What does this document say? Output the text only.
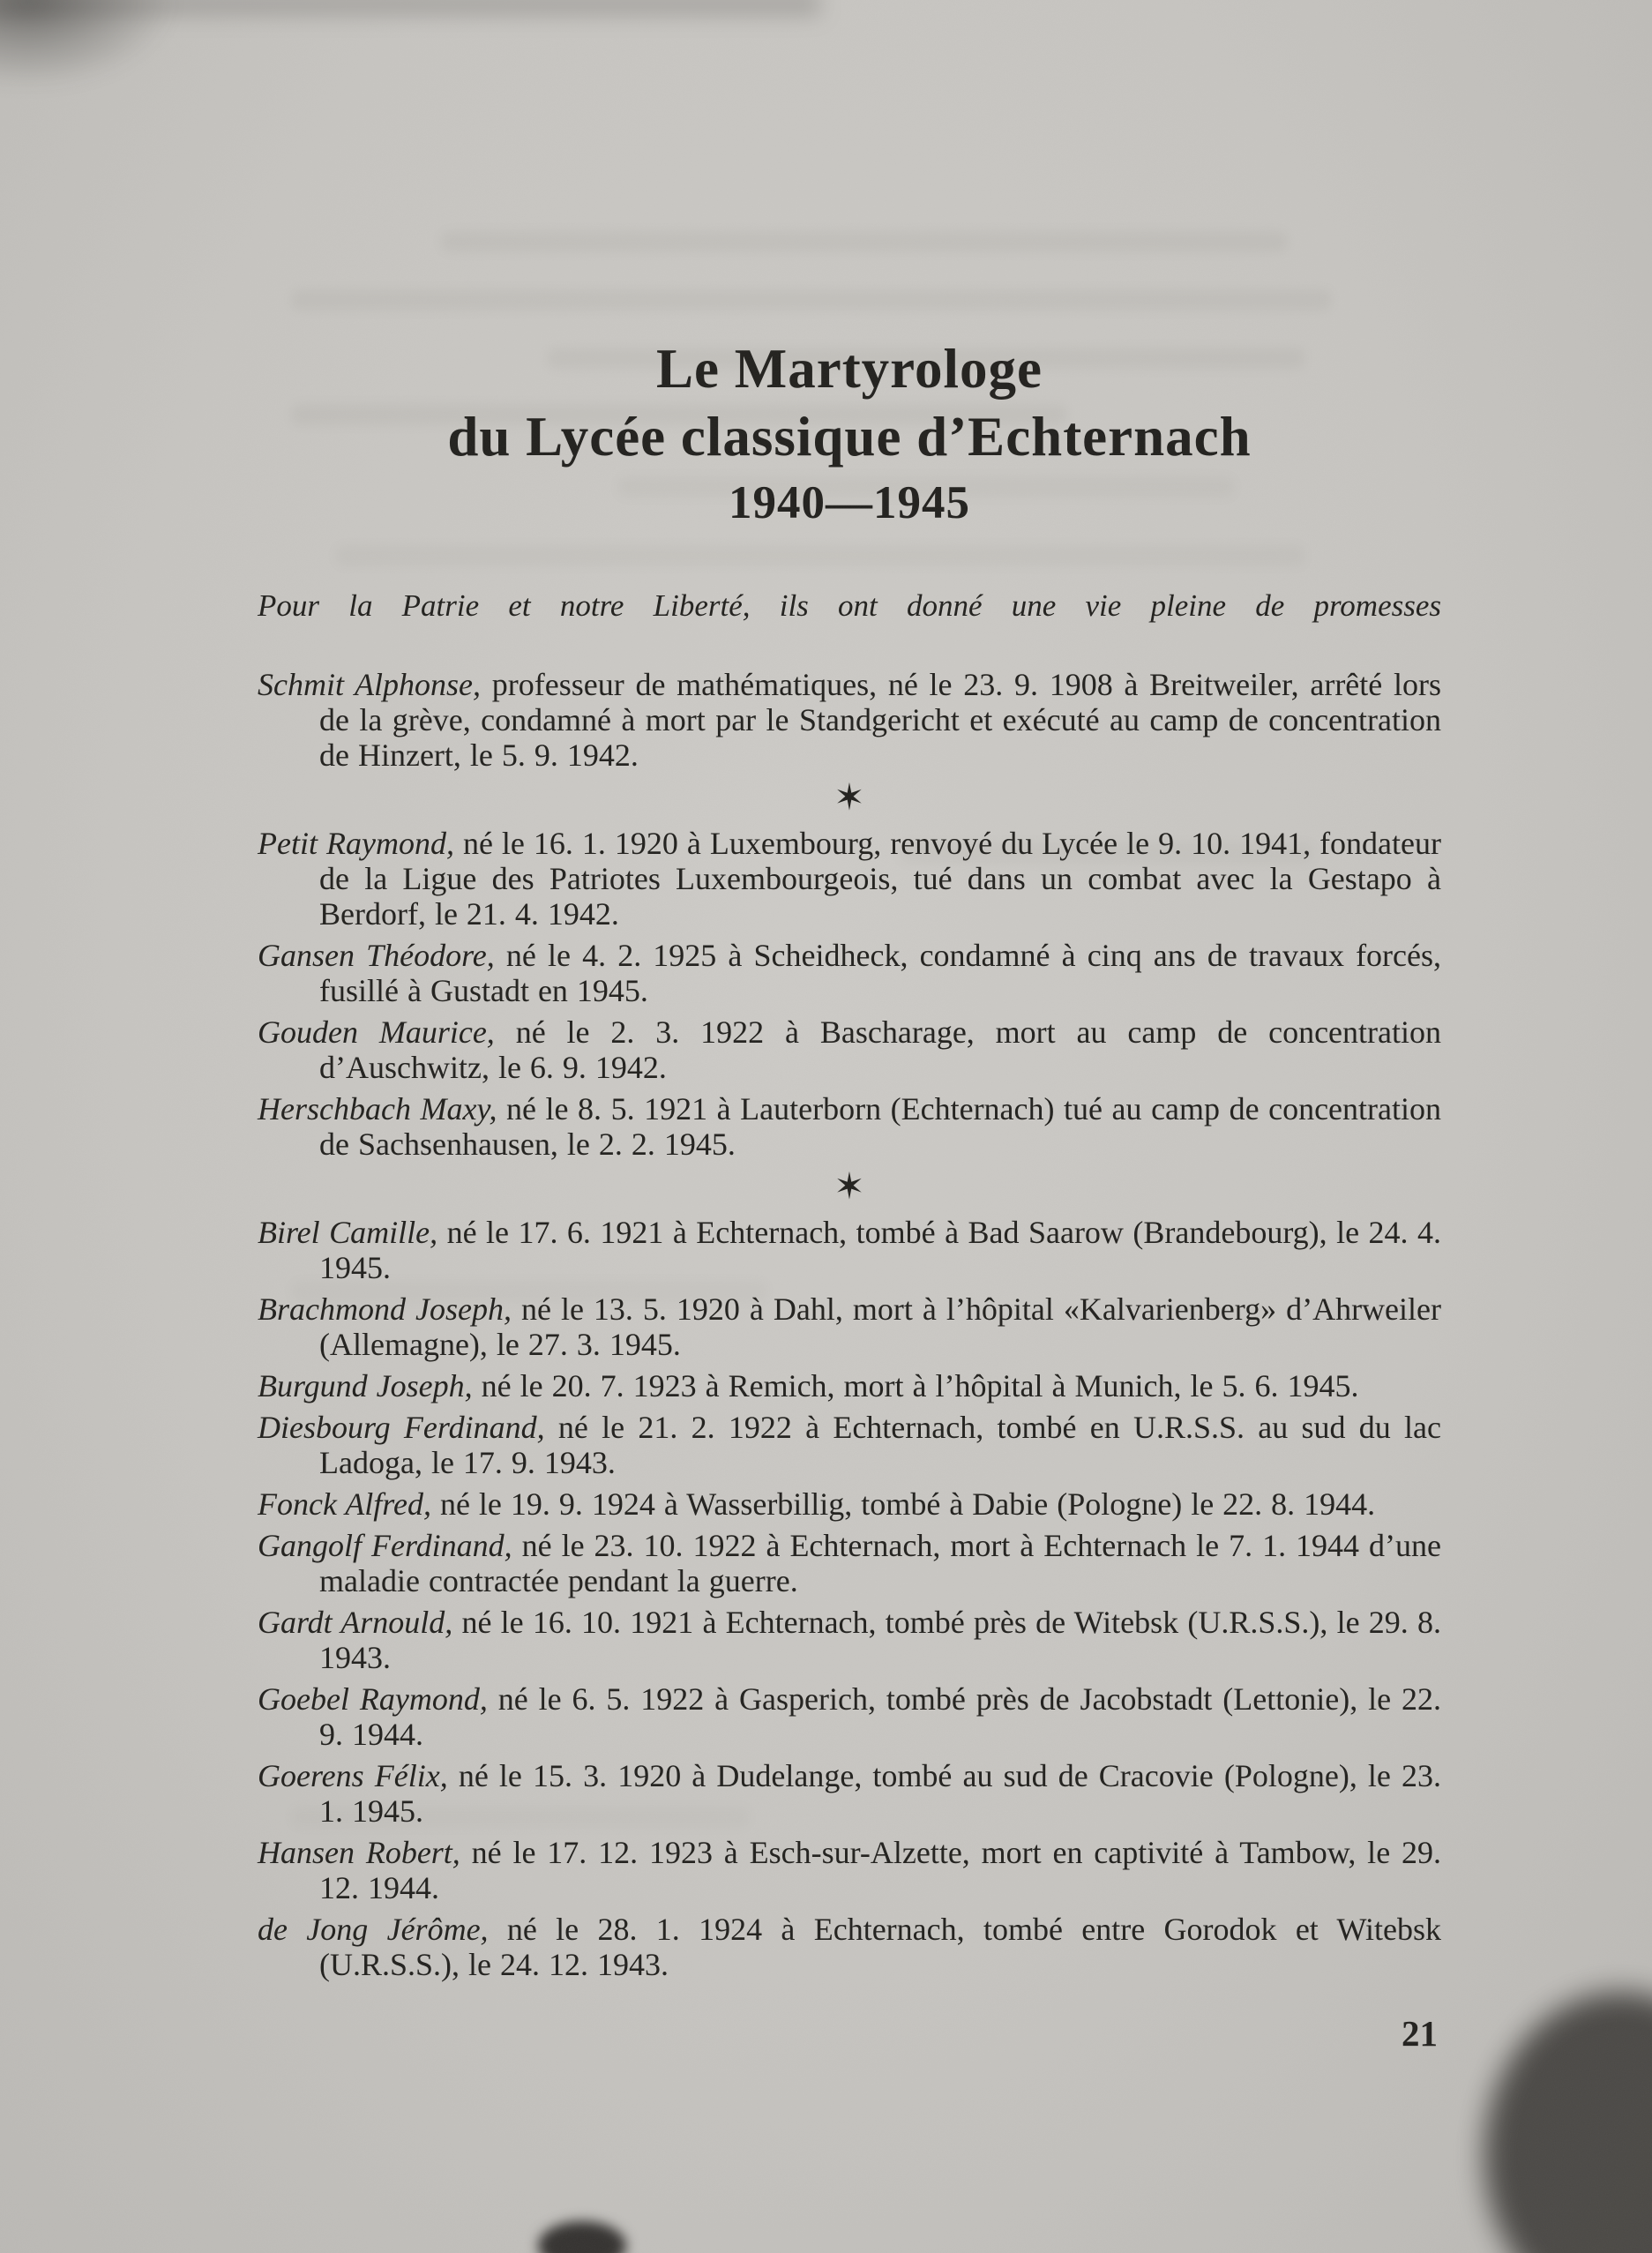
Le Martyrologe
du Lycée classique d’Echternach
1940—1945

Pour la Patrie et notre Liberté, ils ont donné une vie pleine de promesses

Schmit Alphonse, professeur de mathématiques, né le 23. 9. 1908 à Breitweiler, arrêté lors de la grève, condamné à mort par le Standgericht et exécuté au camp de concentration de Hinzert, le 5. 9. 1942.

✶

Petit Raymond, né le 16. 1. 1920 à Luxembourg, renvoyé du Lycée le 9. 10. 1941, fondateur de la Ligue des Patriotes Luxembourgeois, tué dans un combat avec la Gestapo à Berdorf, le 21. 4. 1942.

Gansen Théodore, né le 4. 2. 1925 à Scheidheck, condamné à cinq ans de travaux forcés, fusillé à Gustadt en 1945.

Gouden Maurice, né le 2. 3. 1922 à Bascharage, mort au camp de concentration d’Auschwitz, le 6. 9. 1942.

Herschbach Maxy, né le 8. 5. 1921 à Lauterborn (Echternach) tué au camp de concentration de Sachsenhausen, le 2. 2. 1945.

✶

Birel Camille, né le 17. 6. 1921 à Echternach, tombé à Bad Saarow (Brandebourg), le 24. 4. 1945.

Brachmond Joseph, né le 13. 5. 1920 à Dahl, mort à l’hôpital «Kalvarienberg» d’Ahrweiler (Allemagne), le 27. 3. 1945.

Burgund Joseph, né le 20. 7. 1923 à Remich, mort à l’hôpital à Munich, le 5. 6. 1945.

Diesbourg Ferdinand, né le 21. 2. 1922 à Echternach, tombé en U.R.S.S. au sud du lac Ladoga, le 17. 9. 1943.

Fonck Alfred, né le 19. 9. 1924 à Wasserbillig, tombé à Dabie (Pologne) le 22. 8. 1944.

Gangolf Ferdinand, né le 23. 10. 1922 à Echternach, mort à Echternach le 7. 1. 1944 d’une maladie contractée pendant la guerre.

Gardt Arnould, né le 16. 10. 1921 à Echternach, tombé près de Witebsk (U.R.S.S.), le 29. 8. 1943.

Goebel Raymond, né le 6. 5. 1922 à Gasperich, tombé près de Jacobstadt (Lettonie), le 22. 9. 1944.

Goerens Félix, né le 15. 3. 1920 à Dudelange, tombé au sud de Cracovie (Pologne), le 23. 1. 1945.

Hansen Robert, né le 17. 12. 1923 à Esch-sur-Alzette, mort en captivité à Tambow, le 29. 12. 1944.

de Jong Jérôme, né le 28. 1. 1924 à Echternach, tombé entre Gorodok et Witebsk (U.R.S.S.), le 24. 12. 1943.

21
